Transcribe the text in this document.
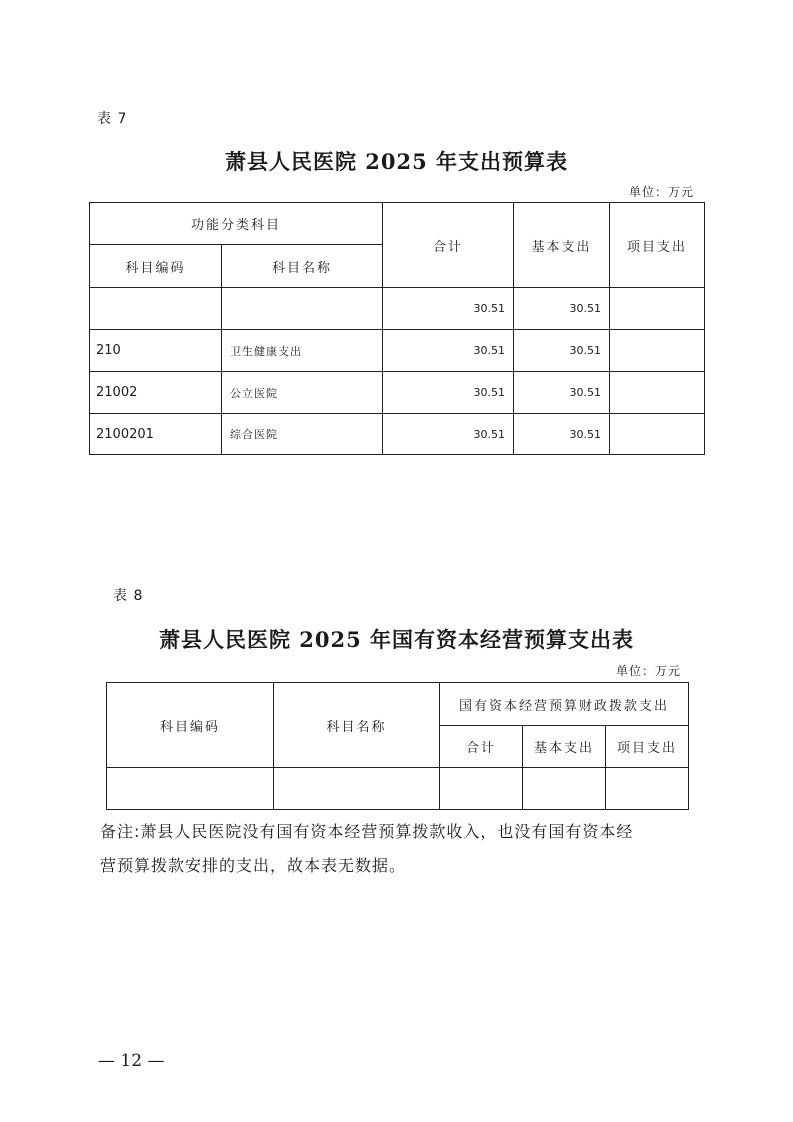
表 7
萧县人民医院 2025 年支出预算表
单位：万元
功能分类科目		合计	基本支出	项目支出
科目编码	科目名称			
		30.51	30.51	
210	卫生健康支出	30.51	30.51	
21002	公立医院	30.51	30.51	
2100201	综合医院	30.51	30.51	
表 8
萧县人民医院 2025 年国有资本经营预算支出表
单位：万元
科目编码	科目名称	国有资本经营预算财政拨款支出		
		合计	基本支出	项目支出

备注:萧县人民医院没有国有资本经营预算拨款收入，也没有国有资本经
营预算拨款安排的支出，故本表无数据。
— 12 —
